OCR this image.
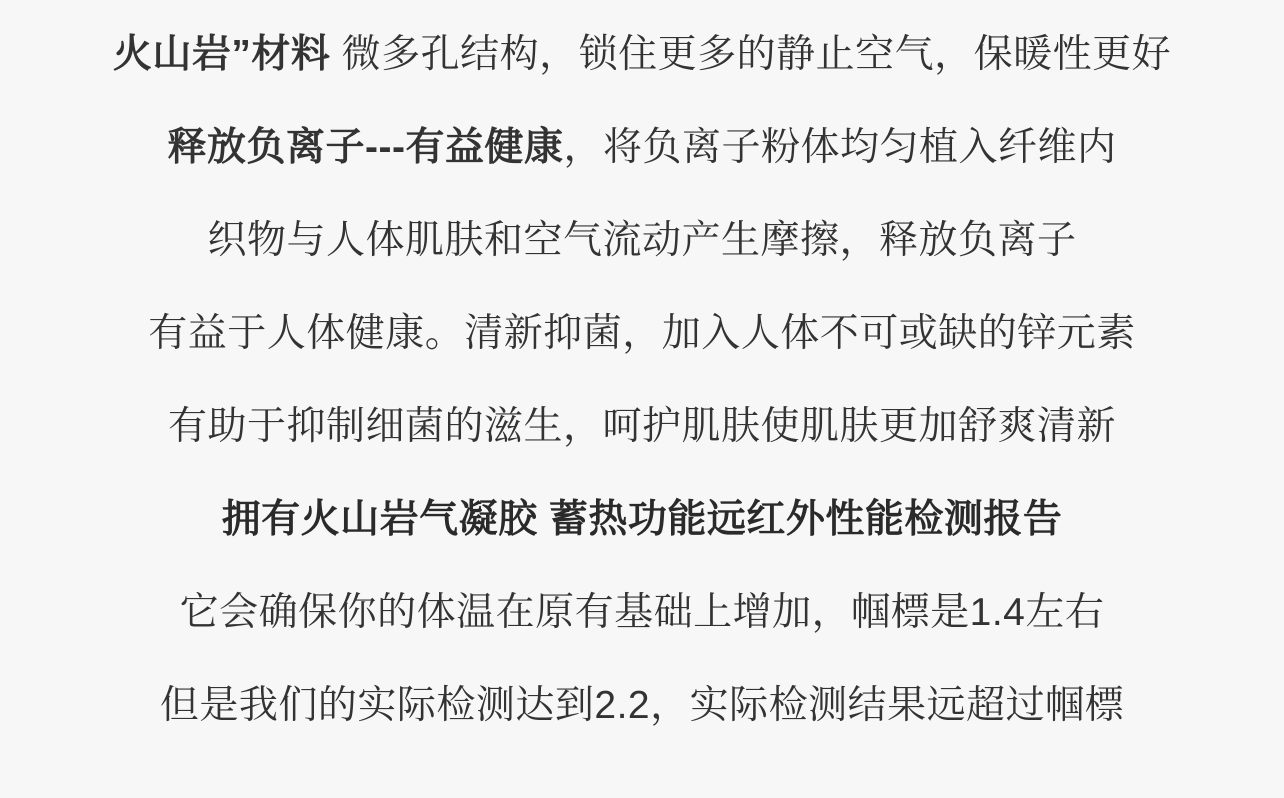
火山岩”材料 微多孔结构，锁住更多的静止空气，保暖性更好
释放负离子---有益健康，将负离子粉体均匀植入纤维内
织物与人体肌肤和空气流动产生摩擦，释放负离子
有益于人体健康。清新抑菌，加入人体不可或缺的锌元素
有助于抑制细菌的滋生，呵护肌肤使肌肤更加舒爽清新
拥有火山岩气凝胶 蓄热功能远红外性能检测报告
它会确保你的体温在原有基础上增加，帼標是1.4左右
但是我们的实际检测达到2.2，实际检测结果远超过帼標
